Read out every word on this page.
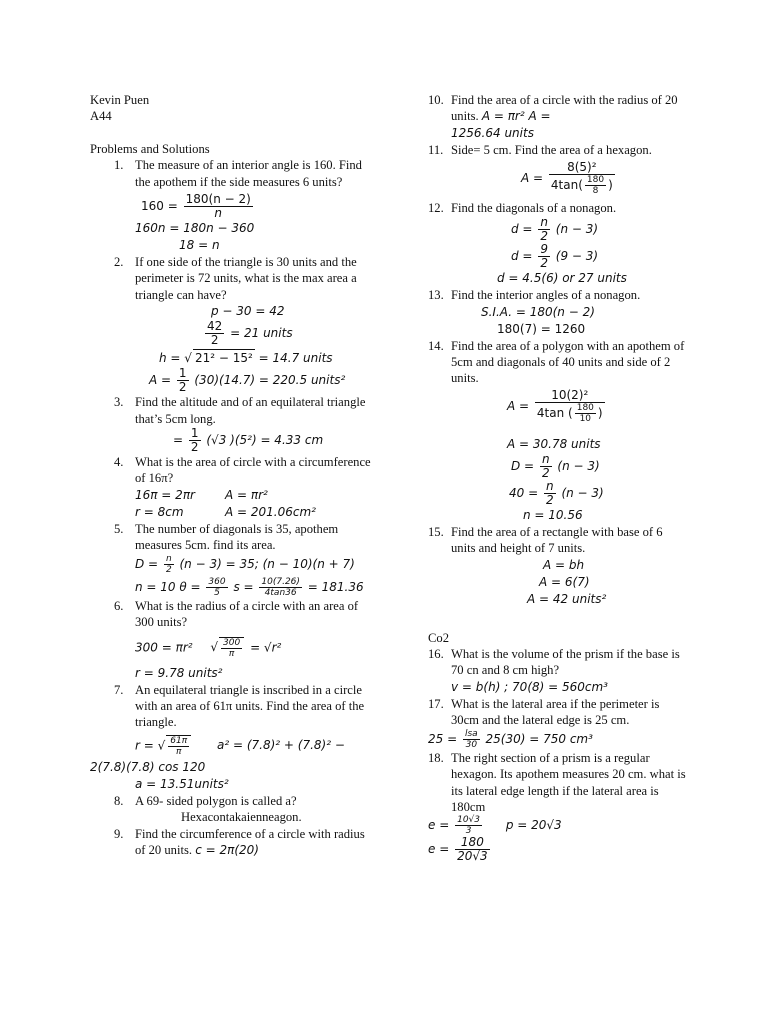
Kevin Puen
A44
Problems and Solutions
1. The measure of an interior angle is 160. Find the apothem if the side measures 6 units?
$160 = \frac{180(n - 2)}{n}$
160n = 180n − 360
18 = n
2. If one side of the triangle is 30 units and the perimeter is 72 units, what is the max area a triangle can have?
p − 30 = 42
$\frac{42}{2} = 21$ units
h = √ 21² − 15² = 14.7 units
$A = \frac{1}{2} (30)(14.7) = 220.5$ units²
3. Find the altitude and of an equilateral triangle that’s 5cm long.
= $\frac{1}{2} (√3$ )(5²) = 4.33 cm
4. What is the area of circle with a circumference of 16π?
16π = 2πr	A = πr²
r = 8cm	A = 201.06cm²
5. The number of diagonals is 35, apothem measures 5cm. find its area.
$D = \frac{n}{2} (n - 3) = 35$; (n − 10)(n + 7)
n = 10 $\theta = \frac{360}{5}$ $s = \frac{10(7.26)}{4\tan 36} = 181.36$
6. What is the radius of a circle with an area of 300 units?
300 = πr² √ $\frac{300}{\pi} = √r^2$
r = 9.78 units²
7. An equilateral triangle is inscribed in a circle with an area of 61π units. Find the area of the triangle.
r = √ $\frac{61\pi}{\pi} a^2 = (7.8)^2 + (7.8)^2$ −
2(7.8)(7.8) cos 120
a = 13.51units²
8. A 69- sided polygon is called a?
Hexacontakaienneagon.
9. Find the circumference of a circle with radius of 20 units. c = 2π(20)
10. Find the area of a circle with the radius of 20 units. A = πr² A =
1256.64 units
11. Side= 5 cm. Find the area of a hexagon.
$A = \frac{\text{8(5)²}}{4\tan( \frac{180}{8} )}$
12. Find the diagonals of a nonagon.
$d = \frac{n}{2} (n - 3)$
$d = \frac{9}{2} (9 - 3)$
d = 4.5(6) or 27 units
13. Find the interior angles of a nonagon.
S.I.A. = 180(n − 2)
180(7) = 1260
14. Find the area of a polygon with an apothem of 5cm and diagonals of 40 units and side of 2 units.
$A = \frac{\text{10(2)²}}{4\tan ( \frac{180}{10} )}$
A = 30.78 units
$D = \frac{n}{2} (n - 3)$
$40 = \frac{n}{2} (n - 3)$
n = 10.56
15. Find the area of a rectangle with base of 6 units and height of 7 units.
A = bh
A = 6(7)
A = 42 units²
Co2
16. What is the volume of the prism if the base is 70 cn and 8 cm high?
v = b(h) ; 70(8) = 560cm³
17. What is the lateral area if the perimeter is 30cm and the lateral edge is 25 cm.
$25 = \frac{\text{lsa}}{30} 25(30) = 750$ cm³
18. The right section of a prism is a regular hexagon. Its apothem measures 20 cm. what is its lateral edge length if the lateral area is 180cm
$e = \frac{10√3}{3}$ p = 20√3
$e = \frac{180}{20√3}$
